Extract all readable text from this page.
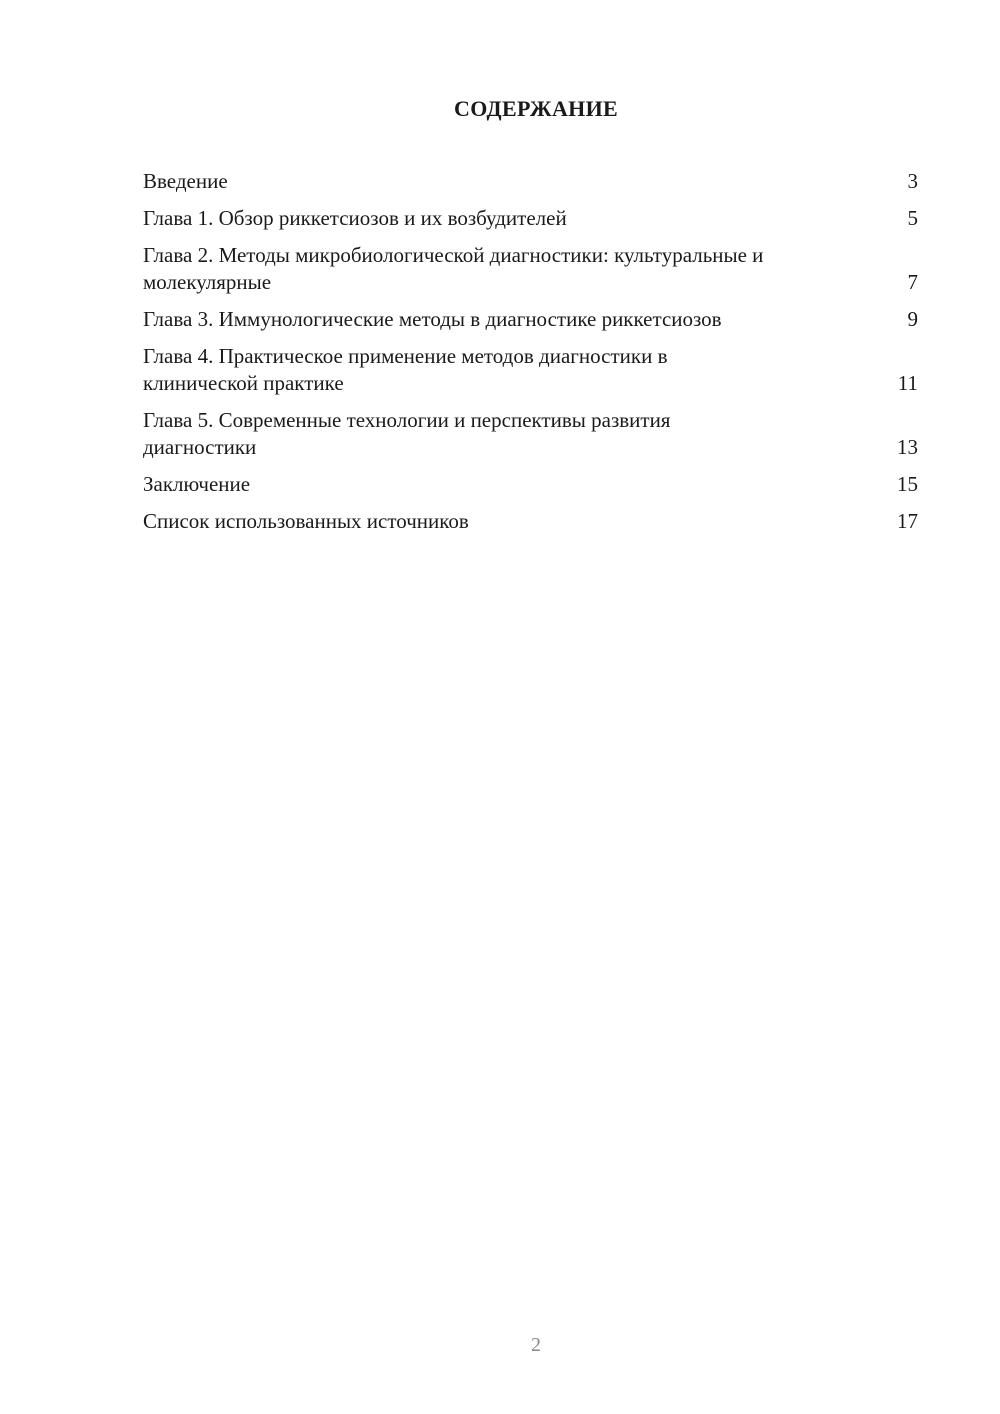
СОДЕРЖАНИЕ
Введение	3
Глава 1. Обзор риккетсиозов и их возбудителей	5
Глава 2. Методы микробиологической диагностики: культуральные и молекулярные	7
Глава 3. Иммунологические методы в диагностике риккетсиозов	9
Глава 4. Практическое применение методов диагностики в клинической практике	11
Глава 5. Современные технологии и перспективы развития диагностики	13
Заключение	15
Список использованных источников	17
2
